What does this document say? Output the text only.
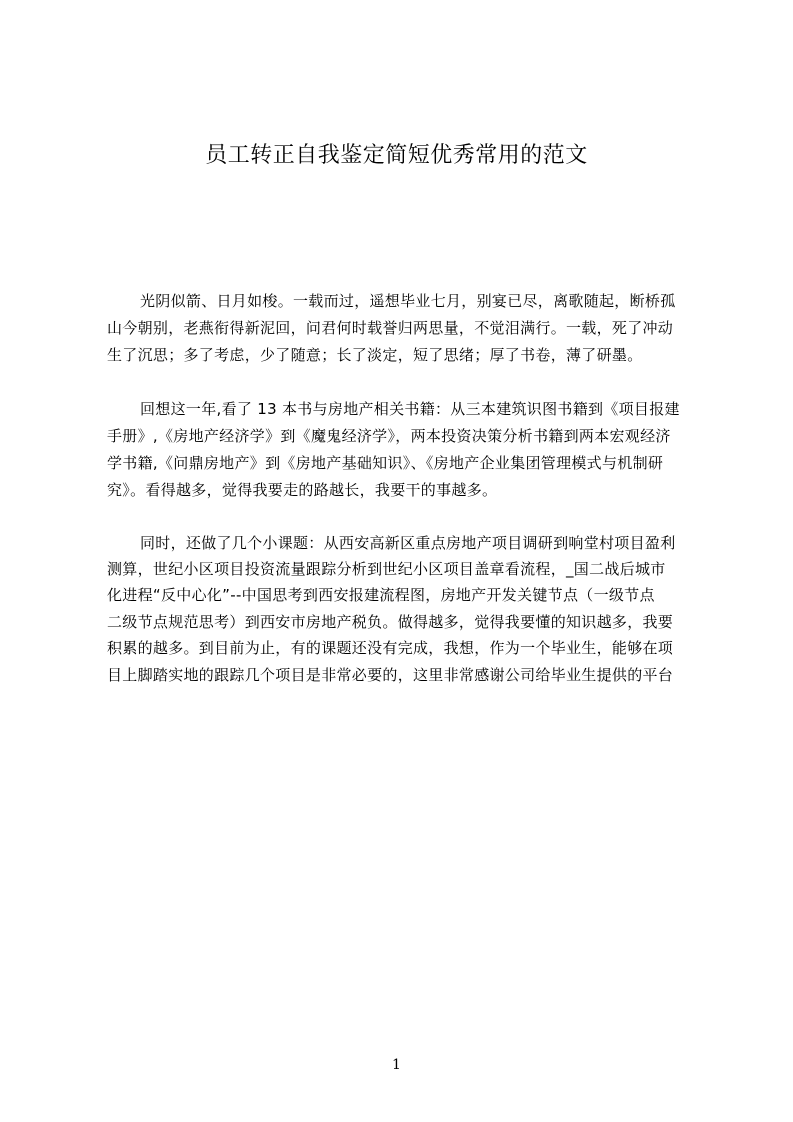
员工转正自我鉴定简短优秀常用的范文
光阴似箭、日月如梭。一载而过，遥想毕业七月，别宴已尽，离歌随起，断桥孤
山今朝别，老燕衔得新泥回，问君何时载誉归两思量，不觉泪满行。一载，死了冲动
生了沉思；多了考虑，少了随意；长了淡定，短了思绪；厚了书卷，薄了研墨。
回想这一年,看了 13 本书与房地产相关书籍：从三本建筑识图书籍到《项目报建
手册》,《房地产经济学》到《魔鬼经济学》，两本投资决策分析书籍到两本宏观经济
学书籍,《问鼎房地产》到《房地产基础知识》、《房地产企业集团管理模式与机制研
究》。看得越多，觉得我要走的路越长，我要干的事越多。
同时，还做了几个小课题：从西安高新区重点房地产项目调研到响堂村项目盈利
测算，世纪小区项目投资流量跟踪分析到世纪小区项目盖章看流程，_国二战后城市
化进程“反中心化”--中国思考到西安报建流程图，房地产开发关键节点（一级节点
二级节点规范思考）到西安市房地产税负。做得越多，觉得我要懂的知识越多，我要
积累的越多。到目前为止，有的课题还没有完成，我想，作为一个毕业生，能够在项
目上脚踏实地的跟踪几个项目是非常必要的，这里非常感谢公司给毕业生提供的平台
1
